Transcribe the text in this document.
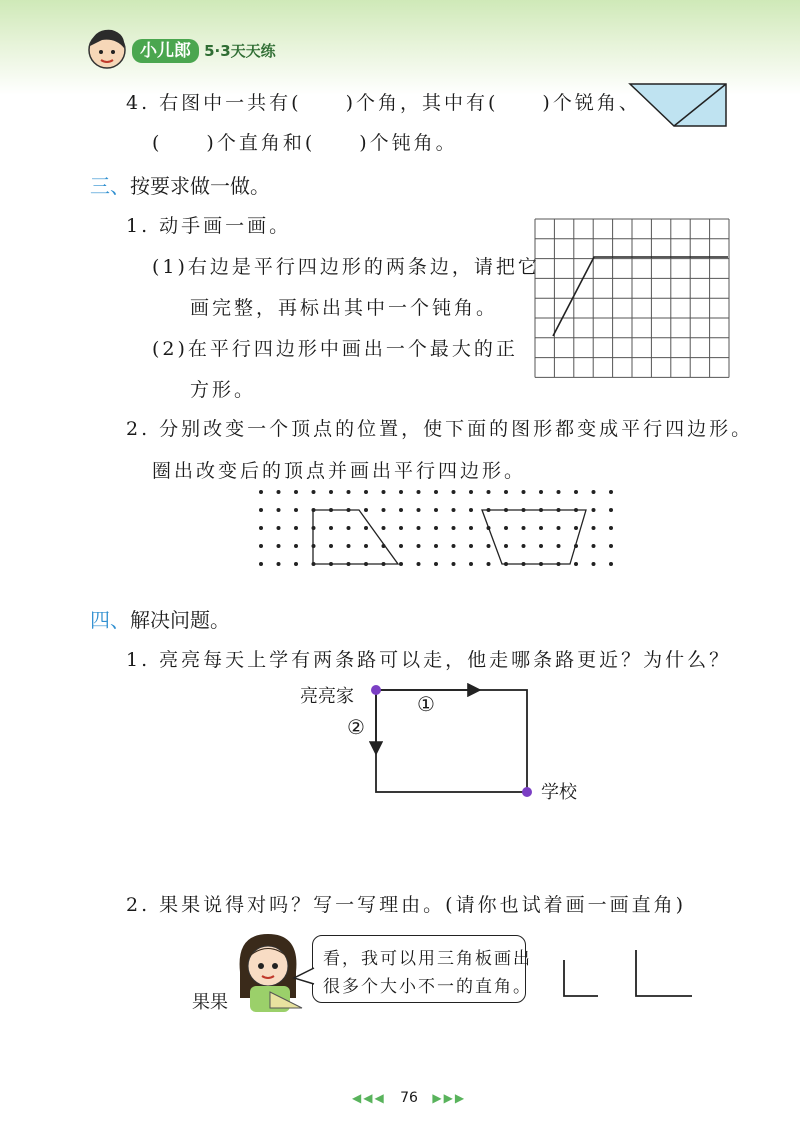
小儿郎 5·3天天练
4. 右图中一共有(　　)个角，其中有(　　)个锐角、
(　　)个直角和(　　)个钝角。
三、按要求做一做。
1. 动手画一画。
(1)右边是平行四边形的两条边，请把它
画完整，再标出其中一个钝角。
(2)在平行四边形中画出一个最大的正
方形。
2. 分别改变一个顶点的位置，使下面的图形都变成平行四边形。
圈出改变后的顶点并画出平行四边形。
四、解决问题。
1. 亮亮每天上学有两条路可以走，他走哪条路更近？为什么？
亮亮家	①
②
学校
2. 果果说得对吗？写一写理由。(请你也试着画一画直角)
果果
看，我可以用三角板画出
很多个大小不一的直角。
◀◀◀ 76 ▶▶▶
